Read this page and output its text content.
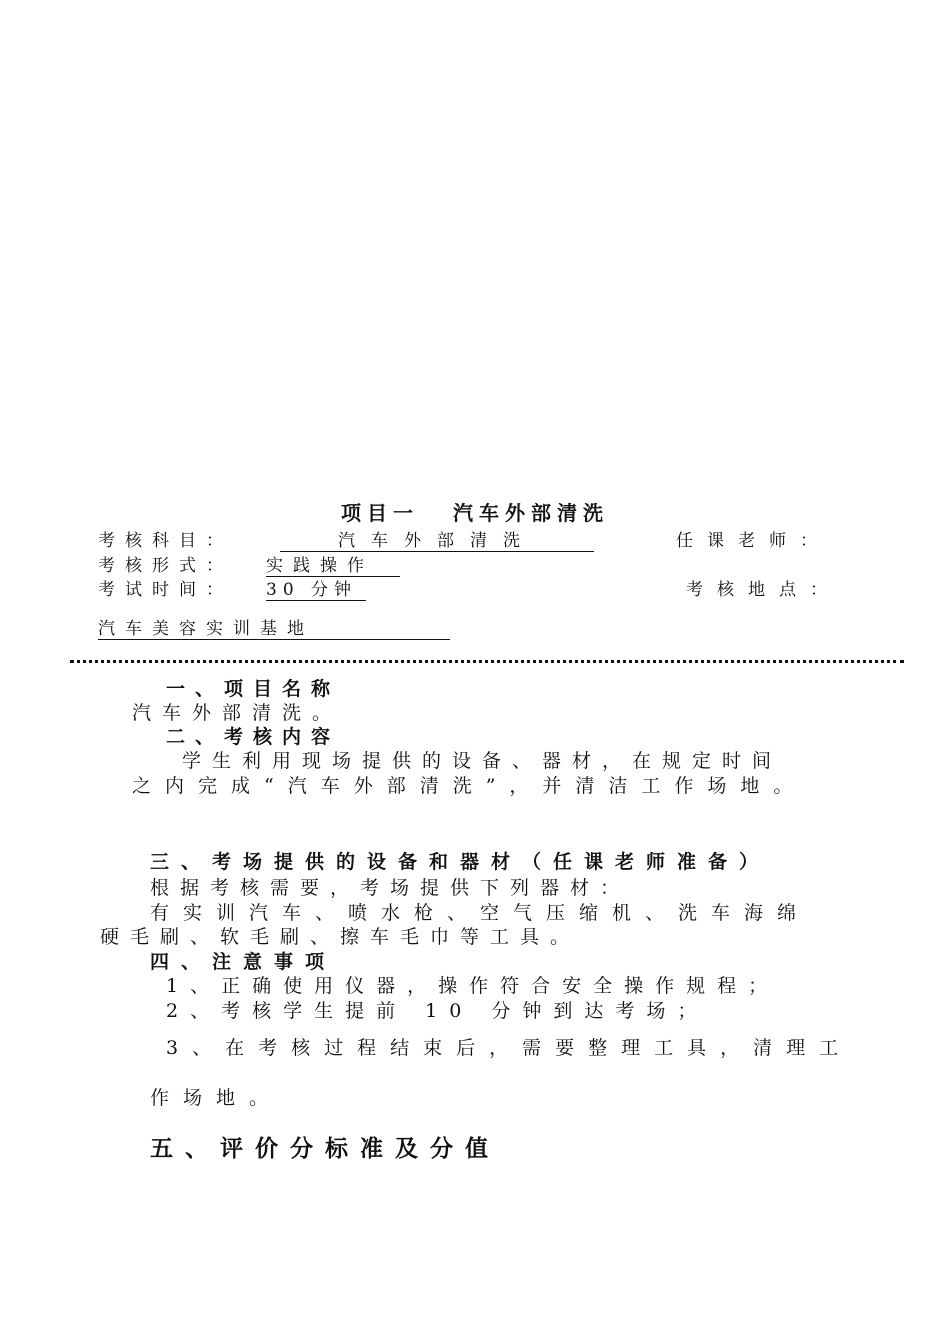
项目一 汽车外部清洗
考核科目：	汽车外部清洗	任课老师：
考核形式： 实践操作
考试时间： 30 分钟	考核地点：
汽车美容实训基地
一、项目名称
汽车外部清洗。
二、考核内容
学生利用现场提供的设备、器材，在规定时间
之内完成“汽车外部清洗”，并清洁工作场地。
三、考场提供的设备和器材（任课老师准备）
根据考核需要，考场提供下列器材：
有实训汽车、喷水枪、空气压缩机、洗车海绵
硬毛刷、软毛刷、擦车毛巾等工具。
四、注意事项
1、正确使用仪器，操作符合安全操作规程；
2、考核学生提前 10 分钟到达考场；
3、在考核过程结束后，需要整理工具，清理工
作场地。
五、评价分标准及分值
